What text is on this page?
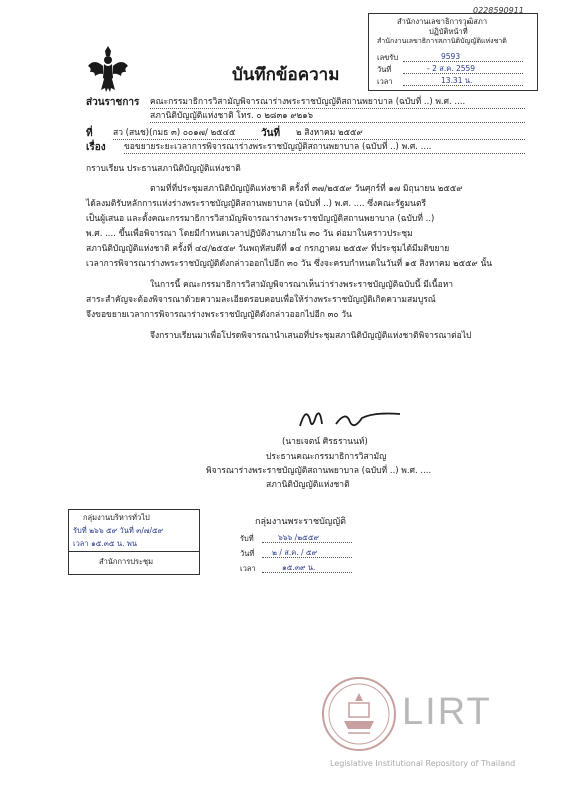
0228590911
สำนักงานเลขาธิการวุฒิสภา
ปฏิบัติหน้าที่
สำนักงานเลขาธิการสภานิติบัญญัติแห่งชาติ
เลขรับ	9593
วันที่	- 2 ส.ค. 2559
เวลา	13.31 น.
บันทึกข้อความ
ส่วนราชการ คณะกรรมาธิการวิสามัญพิจารณาร่างพระราชบัญญัติสถานพยาบาล (ฉบับที่ ..) พ.ศ. ....
สภานิติบัญญัติแห่งชาติ โทร. ๐ ๒๘๓๑ ๙๒๑๖
ที่ สว (สนช)(กมธ ๓) ๐๐๑๗/ ๒๕๔๕	วันที่ ๒ สิงหาคม ๒๕๕๙
เรื่อง ขอขยายระยะเวลาการพิจารณาร่างพระราชบัญญัติสถานพยาบาล (ฉบับที่ ..) พ.ศ. ....
กราบเรียน ประธานสภานิติบัญญัติแห่งชาติ
ตามที่ที่ประชุมสภานิติบัญญัติแห่งชาติ ครั้งที่ ๓๗/๒๕๕๙ วันศุกร์ที่ ๑๗ มิถุนายน ๒๕๕๙
ได้ลงมติรับหลักการแห่งร่างพระราชบัญญัติสถานพยาบาล (ฉบับที่ ..) พ.ศ. .... ซึ่งคณะรัฐมนตรี
เป็นผู้เสนอ และตั้งคณะกรรมาธิการวิสามัญพิจารณาร่างพระราชบัญญัติสถานพยาบาล (ฉบับที่ ..)
พ.ศ. .... ขึ้นเพื่อพิจารณา โดยมีกำหนดเวลาปฏิบัติงานภายใน ๓๐ วัน ต่อมาในคราวประชุม
สภานิติบัญญัติแห่งชาติ ครั้งที่ ๔๔/๒๕๕๙ วันพฤหัสบดีที่ ๑๔ กรกฎาคม ๒๕๕๙ ที่ประชุมได้มีมติขยาย
เวลาการพิจารณาร่างพระราชบัญญัติดังกล่าวออกไปอีก ๓๐ วัน ซึ่งจะครบกำหนดในวันที่ ๑๕ สิงหาคม ๒๕๕๙ นั้น
ในการนี้ คณะกรรมาธิการวิสามัญพิจารณาเห็นว่าร่างพระราชบัญญัติฉบับนี้ มีเนื้อหา
สาระสำคัญจะต้องพิจารณาด้วยความละเอียดรอบคอบเพื่อให้ร่างพระราชบัญญัติเกิดความสมบูรณ์
จึงขอขยายเวลาการพิจารณาร่างพระราชบัญญัติดังกล่าวออกไปอีก ๓๐ วัน
จึงกราบเรียนมาเพื่อโปรดพิจารณานำเสนอที่ประชุมสภานิติบัญญัติแห่งชาติพิจารณาต่อไป
(นายเจตน์ ศิรธรานนท์)
ประธานคณะกรรมาธิการวิสามัญ
พิจารณาร่างพระราชบัญญัติสถานพยาบาล (ฉบับที่ ..) พ.ศ. ....
สภานิติบัญญัติแห่งชาติ
กลุ่มงานบริหารทั่วไป
รับที่ ๒๖๖ ๕๙ วันที่ ๓/๗/๕๙
เวลา ๑๕.๓๕ น. พน
สำนักการประชุม
กลุ่มงานพระราชบัญญัติ
รับที่	๖๖๖ /๒๕๕๙
วันที่ ๒ / ส.ค. / ๕๙
เวลา	๑๕.๓๙ น.
LIRT
Legislative Institutional Repository of Thailand
